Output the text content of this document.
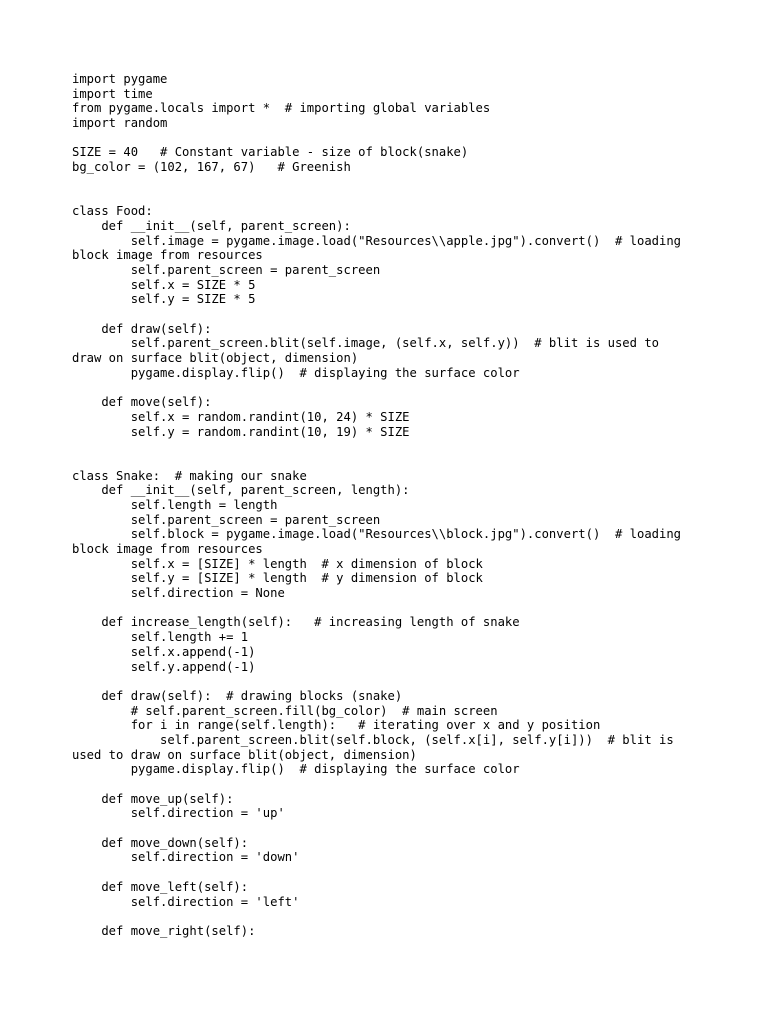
import pygame
import time
from pygame.locals import *  # importing global variables
import random
SIZE = 40   # Constant variable - size of block(snake)
bg_color = (102, 167, 67)   # Greenish
class Food:
def __init__(self, parent_screen):
self.image = pygame.image.load("Resources\\apple.jpg").convert()  # loading
block image from resources
self.parent_screen = parent_screen
self.x = SIZE * 5
self.y = SIZE * 5
def draw(self):
self.parent_screen.blit(self.image, (self.x, self.y))  # blit is used to
draw on surface blit(object, dimension)
pygame.display.flip()  # displaying the surface color
def move(self):
self.x = random.randint(10, 24) * SIZE
self.y = random.randint(10, 19) * SIZE
class Snake:  # making our snake
def __init__(self, parent_screen, length):
self.length = length
self.parent_screen = parent_screen
self.block = pygame.image.load("Resources\\block.jpg").convert()  # loading
block image from resources
self.x = [SIZE] * length  # x dimension of block
self.y = [SIZE] * length  # y dimension of block
self.direction = None
def increase_length(self):   # increasing length of snake
self.length += 1
self.x.append(-1)
self.y.append(-1)
def draw(self):  # drawing blocks (snake)
# self.parent_screen.fill(bg_color)  # main screen
for i in range(self.length):   # iterating over x and y position
self.parent_screen.blit(self.block, (self.x[i], self.y[i]))  # blit is
used to draw on surface blit(object, dimension)
pygame.display.flip()  # displaying the surface color
def move_up(self):
self.direction = 'up'
def move_down(self):
self.direction = 'down'
def move_left(self):
self.direction = 'left'
def move_right(self):
